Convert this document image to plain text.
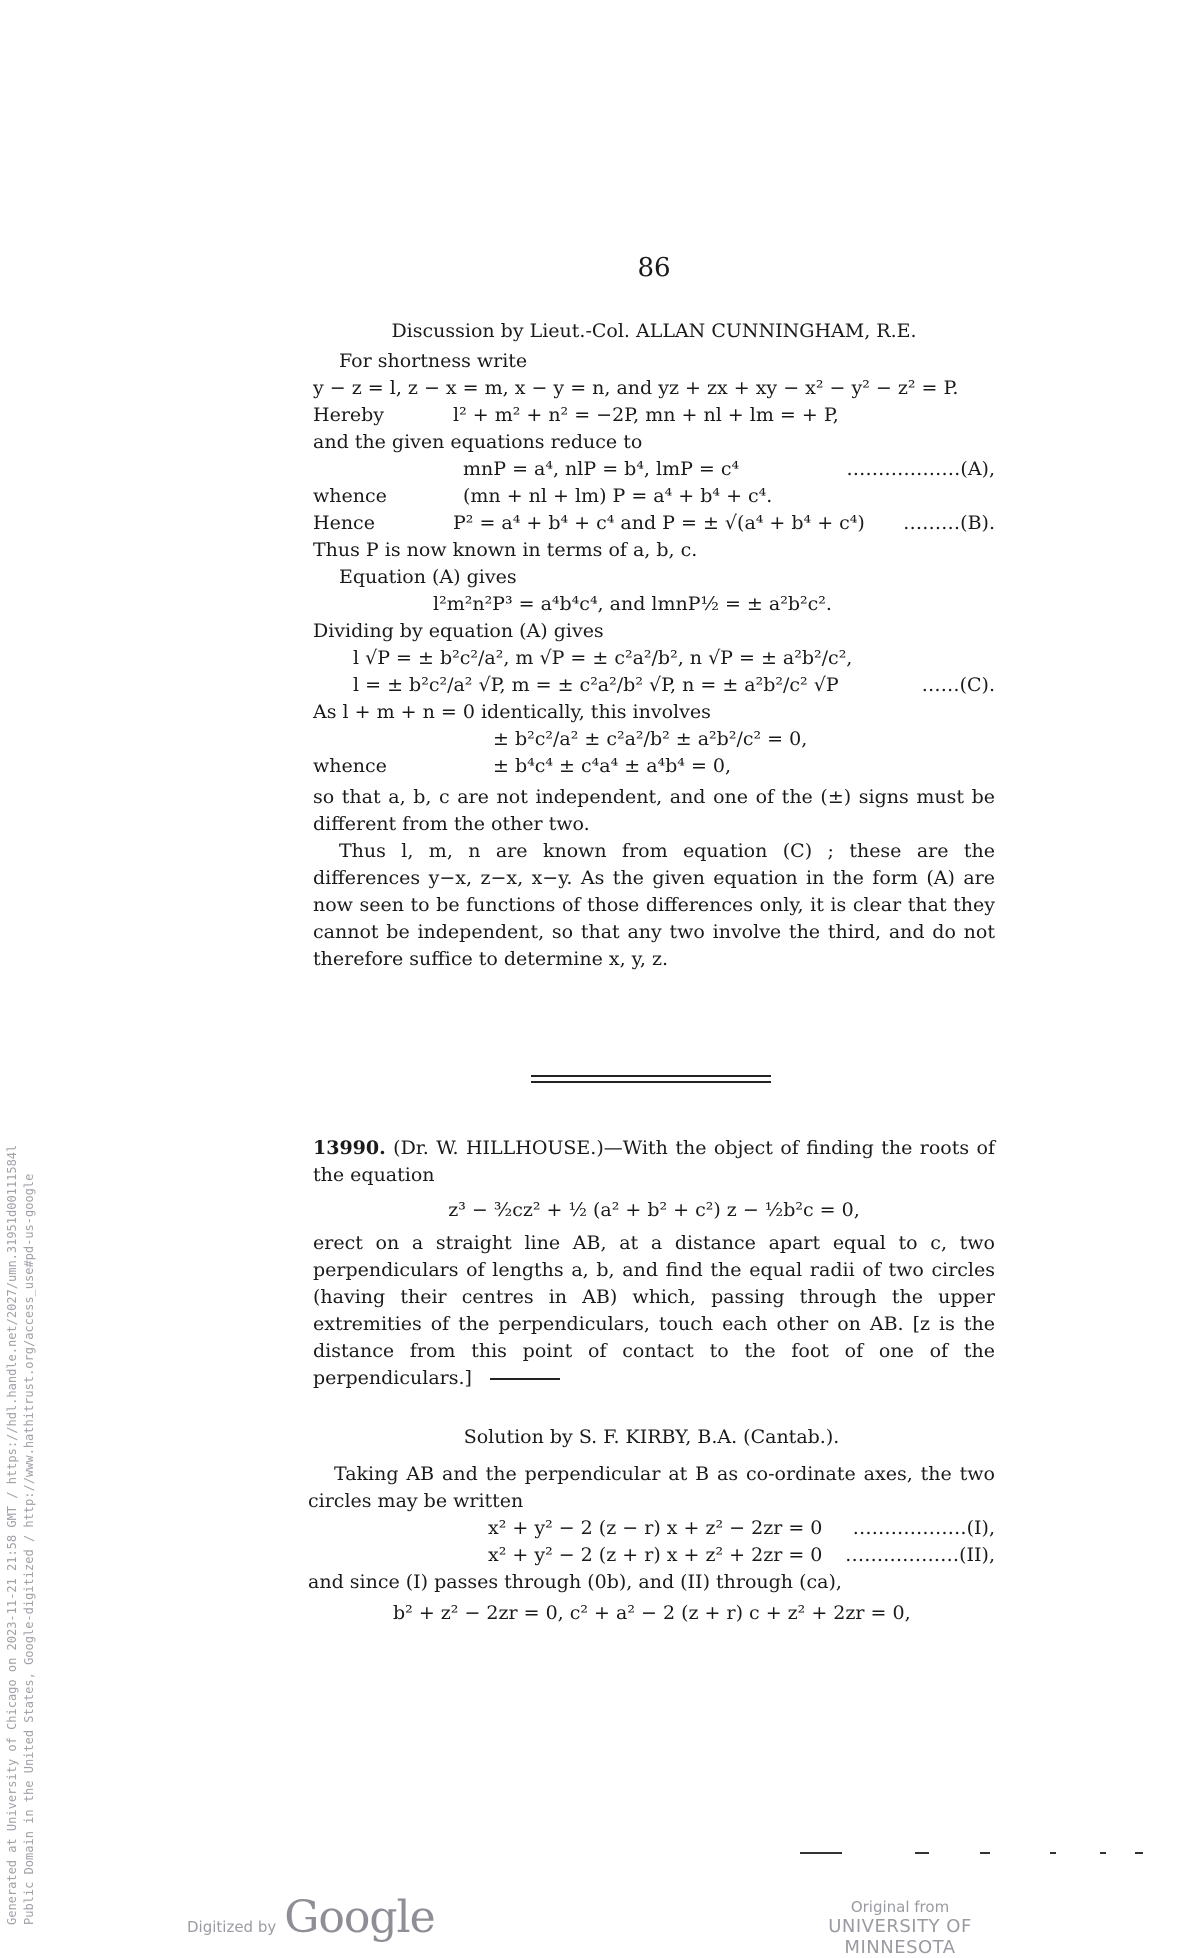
86
Discussion by Lieut.-Col. ALLAN CUNNINGHAM, R.E.
For shortness write
y − z = l, z − x = m, x − y = n, and yz + zx + xy − x² − y² − z² = P.
Hereby	l² + m² + n² = −2P, mn + nl + lm = + P,
and the given equations reduce to
mnP = a⁴, nlP = b⁴, lmP = c⁴	………………(A),
whence	(mn + nl + lm) P = a⁴ + b⁴ + c⁴.
Hence	P² = a⁴ + b⁴ + c⁴ and P = ± √(a⁴ + b⁴ + c⁴) ………(B).
Thus P is now known in terms of a, b, c.
Equation (A) gives
l²m²n²P³ = a⁴b⁴c⁴, and lmnP½ = ± a²b²c².
Dividing by equation (A) gives
l √P = ± b²c²/a², m √P = ± c²a²/b², n √P = ± a²b²/c²,
l = ± b²c²/a² √P, m = ± c²a²/b² √P, n = ± a²b²/c² √P	……(C).
As l + m + n = 0 identically, this involves
± b²c²/a² ± c²a²/b² ± a²b²/c² = 0,
whence	± b⁴c⁴ ± c⁴a⁴ ± a⁴b⁴ = 0,
so that a, b, c are not independent, and one of the (±) signs must be different from the other two.
Thus l, m, n are known from equation (C) ; these are the differences y−x, z−x, x−y. As the given equation in the form (A) are now seen to be functions of those differences only, it is clear that they cannot be independent, so that any two involve the third, and do not therefore suffice to determine x, y, z.
13990. (Dr. W. HILLHOUSE.)—With the object of finding the roots of the equation
z³ − ³⁄₂cz² + ½ (a² + b² + c²) z − ½b²c = 0,
erect on a straight line AB, at a distance apart equal to c, two perpendiculars of lengths a, b, and find the equal radii of two circles (having their centres in AB) which, passing through the upper extremities of the perpendiculars, touch each other on AB. [z is the distance from this point of contact to the foot of one of the perpendiculars.]
Solution by S. F. KIRBY, B.A. (Cantab.).
Taking AB and the perpendicular at B as co-ordinate axes, the two circles may be written
x² + y² − 2 (z − r) x + z² − 2zr = 0 ………………(I),
x² + y² − 2 (z + r) x + z² + 2zr = 0 ………………(II),
and since (I) passes through (0b), and (II) through (ca),
b² + z² − 2zr = 0, c² + a² − 2 (z + r) c + z² + 2zr = 0,
Generated at University of Chicago on 2023-11-21 21:58 GMT / https://hdl.handle.net/2027/umn.31951d00111584l Public Domain in the United States, Google-digitized / http://www.hathitrust.org/access_use#pd-us-google
Digitized by Google	Original from
UNIVERSITY OF MINNESOTA
